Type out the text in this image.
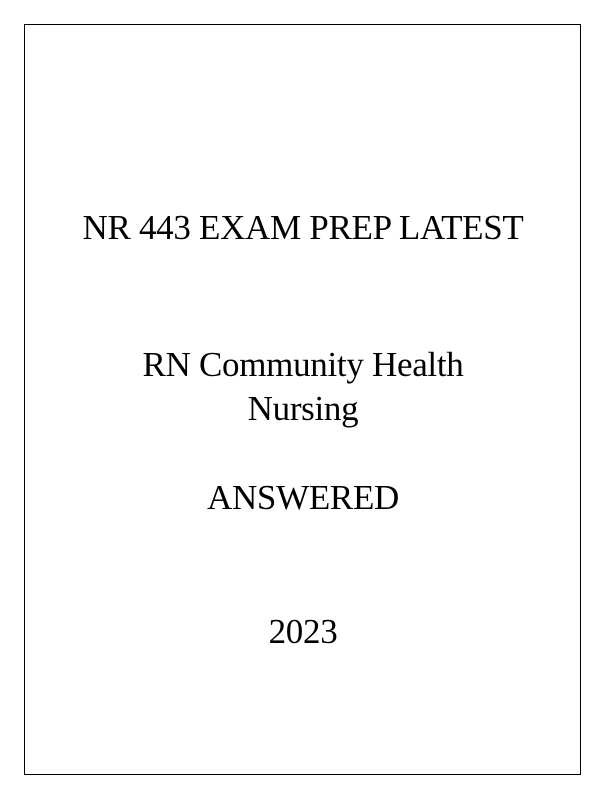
NR 443 EXAM PREP LATEST
RN Community Health
Nursing
ANSWERED
2023
